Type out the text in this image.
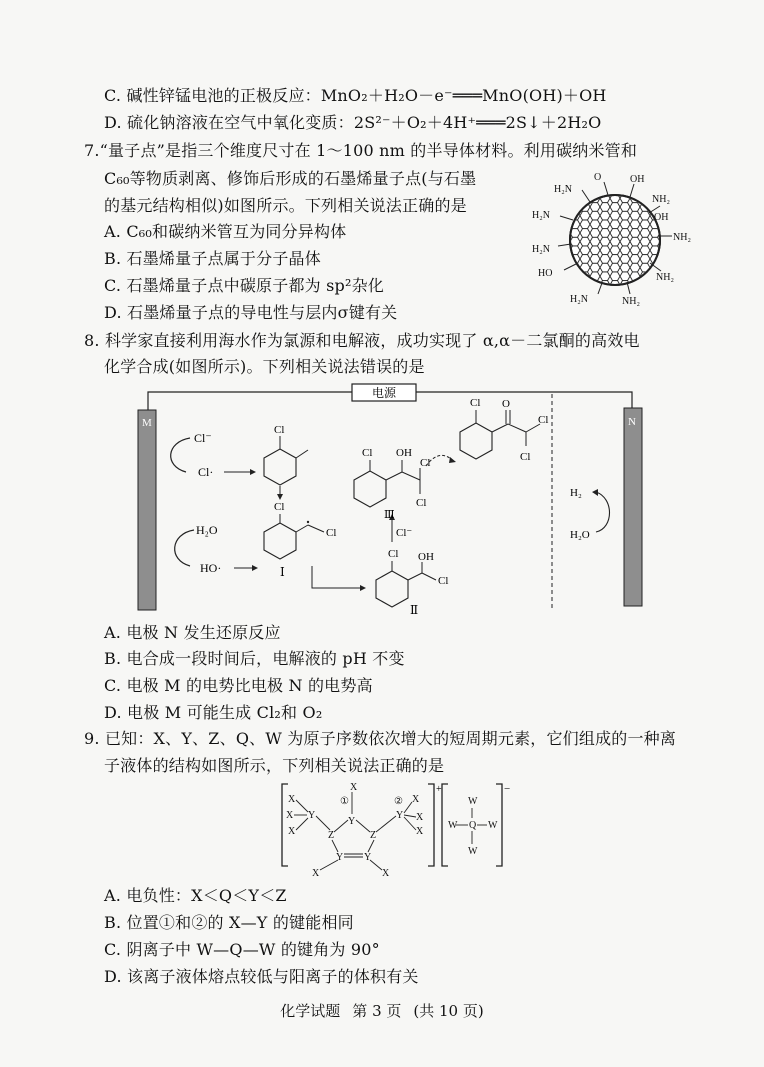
C. 碱性锌锰电池的正极反应：MnO₂＋H₂O－e⁻═══MnO(OH)＋OH
D. 硫化钠溶液在空气中氧化变质：2S²⁻＋O₂＋4H⁺═══2S↓＋2H₂O
7.“量子点”是指三个维度尺寸在 1～100 nm 的半导体材料。利用碳纳米管和
C₆₀等物质剥离、修饰后形成的石墨烯量子点(与石墨
的基元结构相似)如图所示。下列相关说法正确的是
A. C₆₀和碳纳米管互为同分异构体
B. 石墨烯量子点属于分子晶体
C. 石墨烯量子点中碳原子都为 sp²杂化
D. 石墨烯量子点的导电性与层内σ键有关
H₂N
O	OH
NH₂
OH
NH₂
NH₂
NH₂
H₂N
HO
H₂N
H₂N
8. 科学家直接利用海水作为氯源和电解液，成功实现了 α,α－二氯酮的高效电
化学合成(如图所示)。下列相关说法错误的是
电源
M	N
Cl⁻
Cl·
H₂O
HO·
Cl
Cl
Cl
Ⅰ
Cl OH
Cl
Ⅱ
Cl⁻
Ⅲ
Cl OH
Cl
Cl
Cl O
Cl
Cl
H₂
H₂O
A. 电极 N 发生还原反应
B. 电合成一段时间后，电解液的 pH 不变
C. 电极 M 的电势比电极 N 的电势高
D. 电极 M 可能生成 Cl₂和 O₂
9. 已知：X、Y、Z、Q、W 为原子序数依次增大的短周期元素，它们组成的一种离
子液体的结构如图所示，下列相关说法正确的是
+	−
X
X
X
Y
Y
Z	Z
Y Y
X
①	② X
Y X
X
X	X
W
W Q W
W
A. 电负性：X＜Q＜Y＜Z
B. 位置①和②的 X—Y 的键能相同
C. 阴离子中 W—Q—W 的键角为 90°
D. 该离子液体熔点较低与阳离子的体积有关
化学试题 第 3 页 (共 10 页)
